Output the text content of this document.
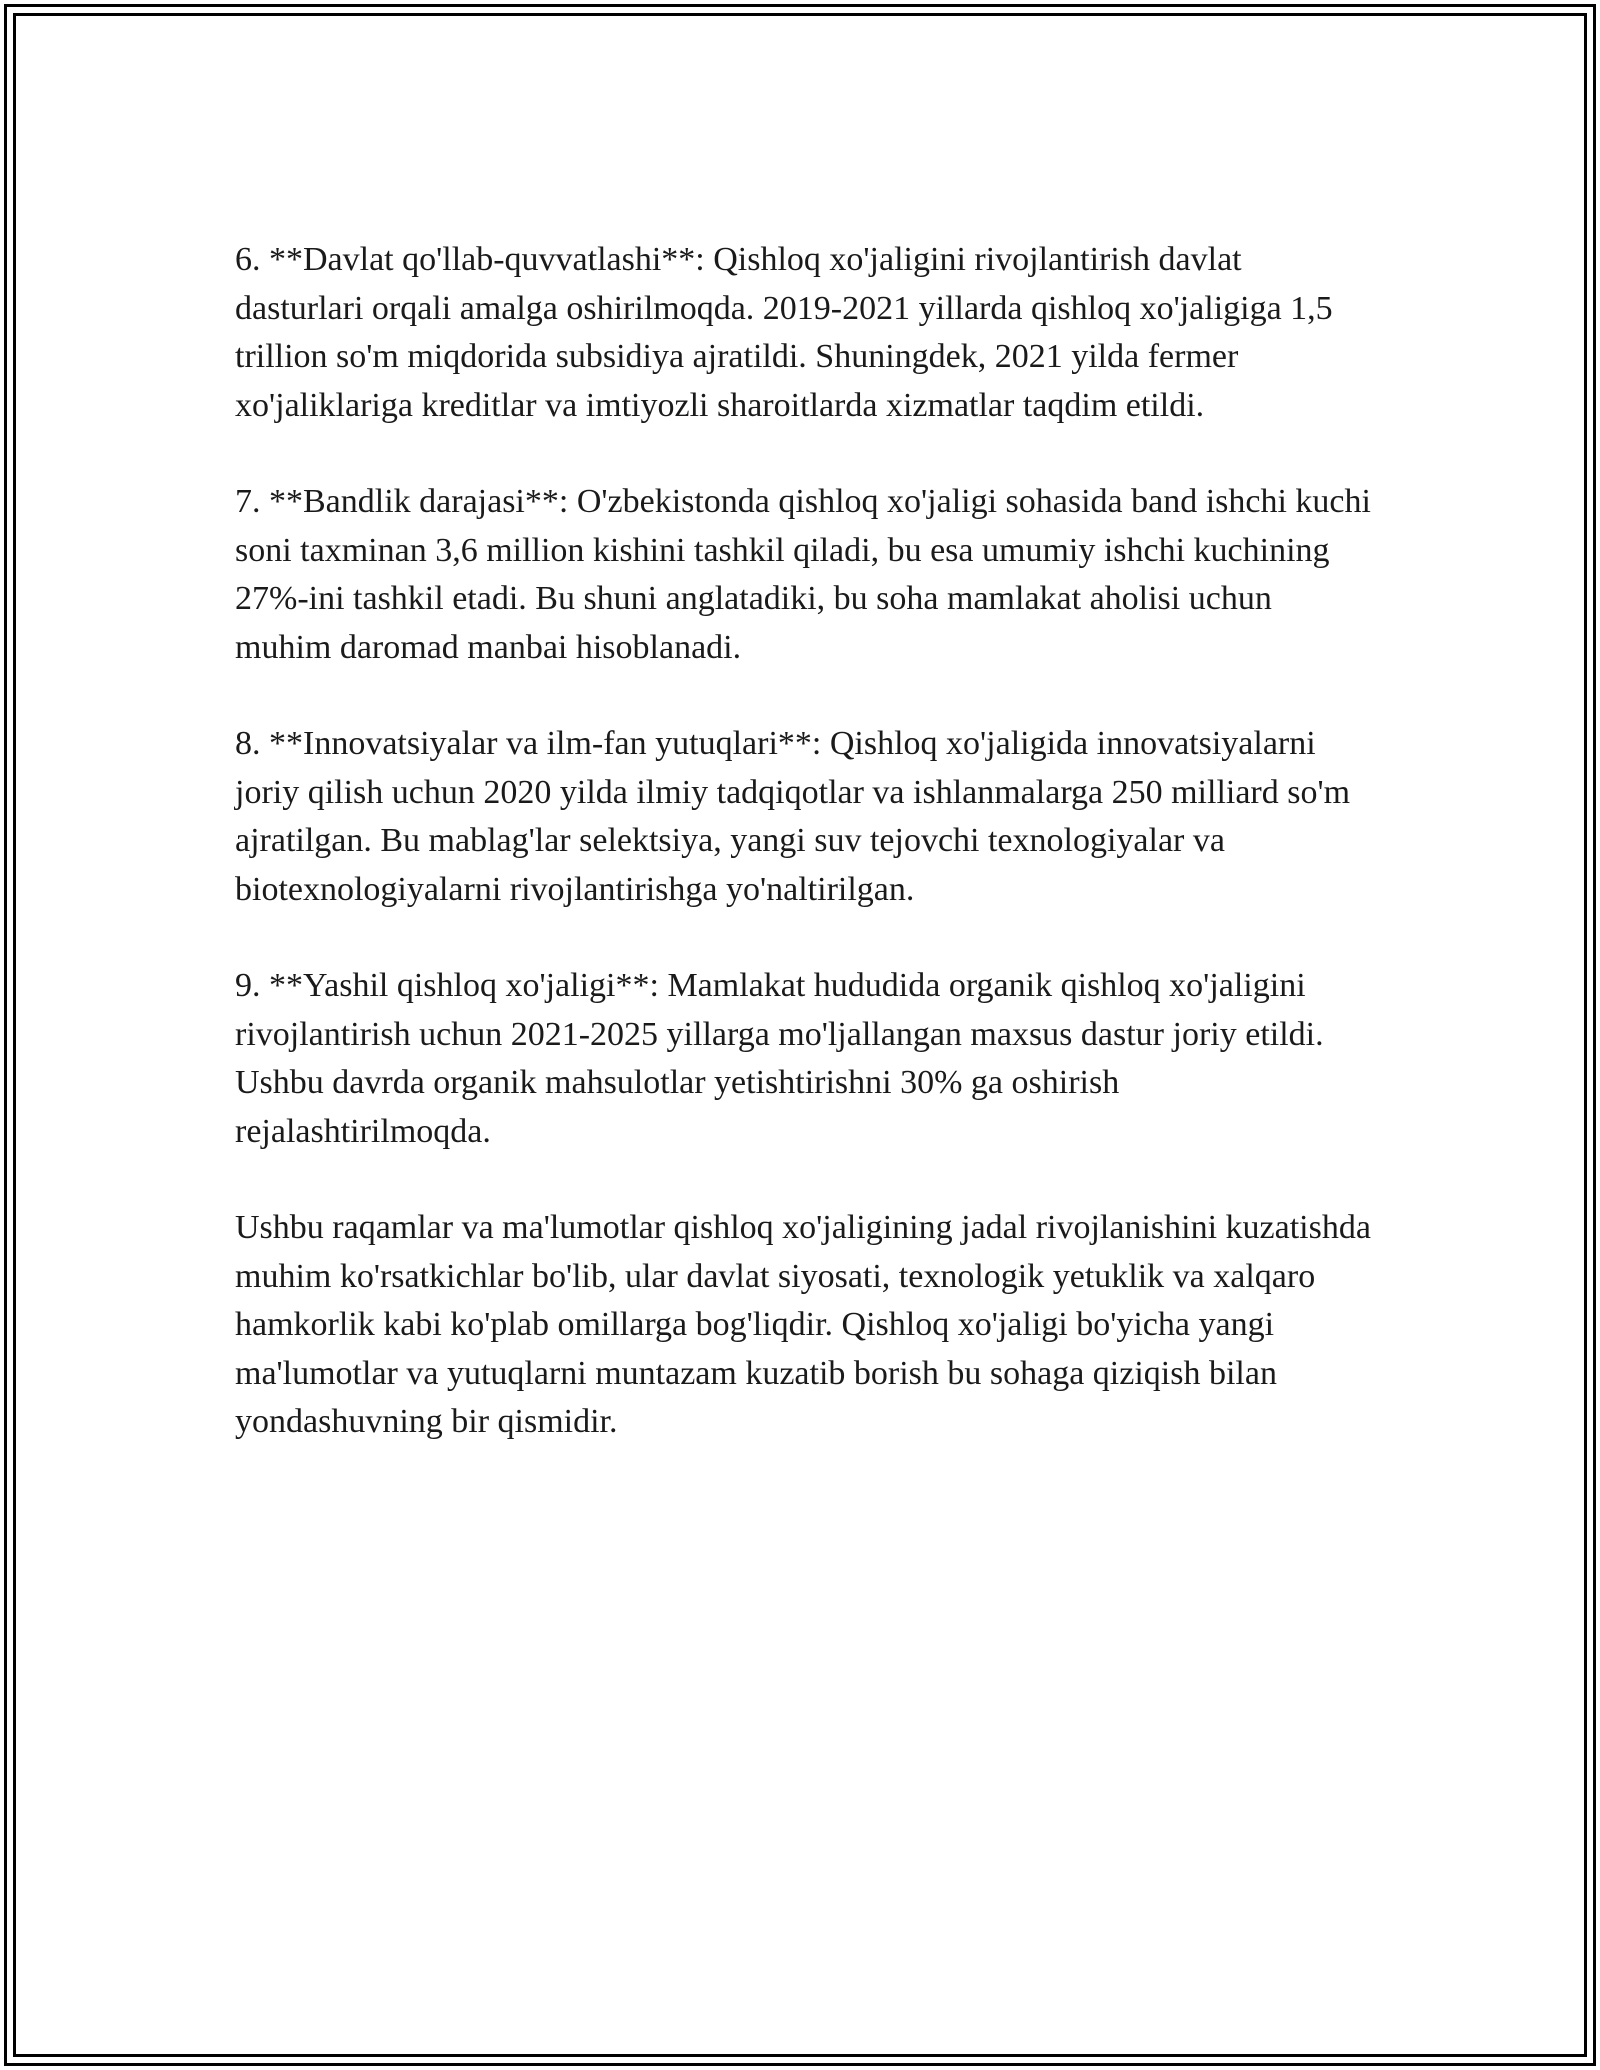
6. **Davlat qo'llab-quvvatlashi**: Qishloq xo'jaligini rivojlantirish davlat dasturlari orqali amalga oshirilmoqda. 2019-2021 yillarda qishloq xo'jaligiga 1,5 trillion so'm miqdorida subsidiya ajratildi. Shuningdek, 2021 yilda fermer xo'jaliklariga kreditlar va imtiyozli sharoitlarda xizmatlar taqdim etildi.

7. **Bandlik darajasi**: O'zbekistonda qishloq xo'jaligi sohasida band ishchi kuchi soni taxminan 3,6 million kishini tashkil qiladi, bu esa umumiy ishchi kuchining 27%-ini tashkil etadi. Bu shuni anglatadiki, bu soha mamlakat aholisi uchun muhim daromad manbai hisoblanadi.

8. **Innovatsiyalar va ilm-fan yutuqlari**: Qishloq xo'jaligida innovatsiyalarni joriy qilish uchun 2020 yilda ilmiy tadqiqotlar va ishlanmalarga 250 milliard so'm ajratilgan. Bu mablag'lar selektsiya, yangi suv tejovchi texnologiyalar va biotexnologiyalarni rivojlantirishga yo'naltirilgan.

9. **Yashil qishloq xo'jaligi**: Mamlakat hududida organik qishloq xo'jaligini rivojlantirish uchun 2021-2025 yillarga mo'ljallangan maxsus dastur joriy etildi. Ushbu davrda organik mahsulotlar yetishtirishni 30% ga oshirish rejalashtirilmoqda.

Ushbu raqamlar va ma'lumotlar qishloq xo'jaligining jadal rivojlanishini kuzatishda muhim ko'rsatkichlar bo'lib, ular davlat siyosati, texnologik yetuklik va xalqaro hamkorlik kabi ko'plab omillarga bog'liqdir. Qishloq xo'jaligi bo'yicha yangi ma'lumotlar va yutuqlarni muntazam kuzatib borish bu sohaga qiziqish bilan yondashuvning bir qismidir.
